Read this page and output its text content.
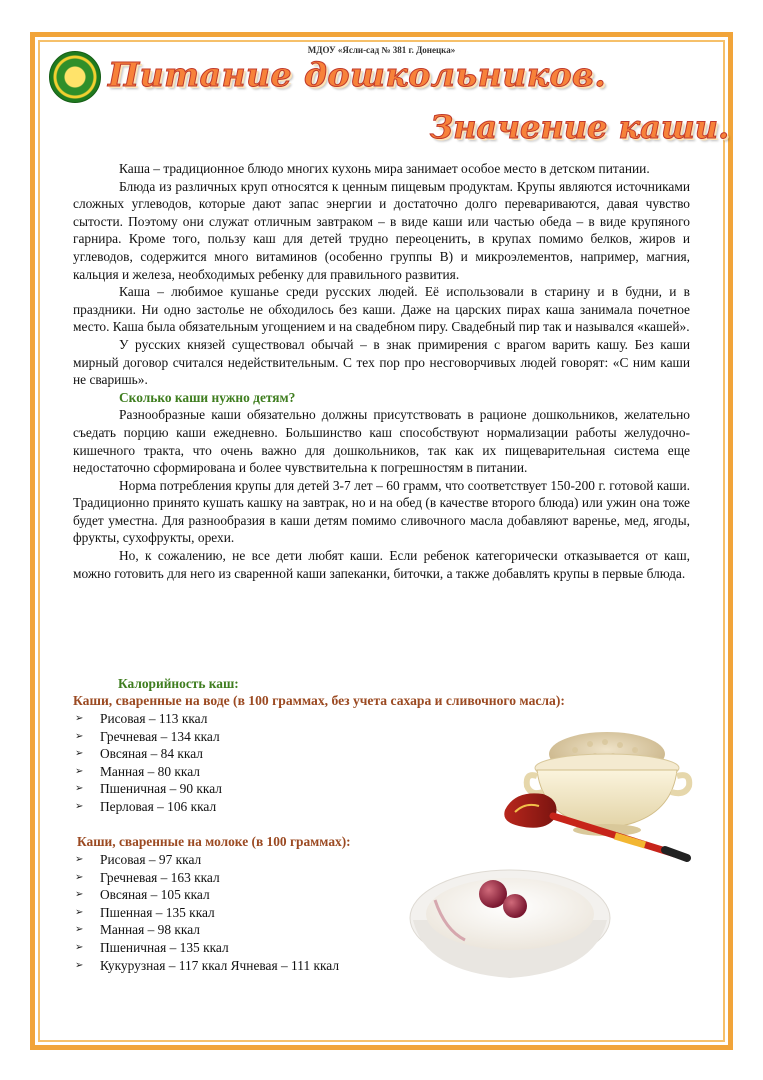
МДОУ «Ясли-сад № 381 г. Донецка»
Питание дошкольников.
Значение каши.

Каша – традиционное блюдо многих кухонь мира занимает особое место в детском питании.

Блюда из различных круп относятся к ценным пищевым продуктам. Крупы являются источниками сложных углеводов, которые дают запас энергии и достаточно долго перевариваются, давая чувство сытости. Поэтому они служат отличным завтраком – в виде каши или частью обеда – в виде крупяного гарнира. Кроме того, пользу каш для детей трудно переоценить, в крупах помимо белков, жиров и углеводов, содержится много витаминов (особенно группы В) и микроэлементов, например, магния, кальция и железа, необходимых ребенку для правильного развития.

Каша – любимое кушанье среди русских людей. Её использовали в старину и в будни, и в праздники. Ни одно застолье не обходилось без каши. Даже на царских пирах каша занимала почетное место. Каша была обязательным угощением и на свадебном пиру. Свадебный пир так и назывался «кашей».

У русских князей существовал обычай – в знак примирения с врагом варить кашу. Без каши мирный договор считался недействительным. С тех пор про несговорчивых людей говорят: «С ним каши не сваришь».

Сколько каши нужно детям?

Разнообразные каши обязательно должны присутствовать в рационе дошкольников, желательно съедать порцию каши ежедневно. Большинство каш способствуют нормализации работы желудочно-кишечного тракта, что очень важно для дошкольников, так как их пищеварительная система еще недостаточно сформирована и более чувствительна к погрешностям в питании.

Норма потребления крупы для детей 3-7 лет – 60 грамм, что соответствует 150-200 г. готовой каши. Традиционно принято кушать кашку на завтрак, но и на обед (в качестве второго блюда) или ужин она тоже будет уместна. Для разнообразия в каши детям помимо сливочного масла добавляют варенье, мед, ягоды, фрукты, сухофрукты, орехи.

Но, к сожалению, не все дети любят каши. Если ребенок категорически отказывается от каш, можно готовить для него из сваренной каши запеканки, биточки, а также добавлять крупы в первые блюда.

Калорийность каш:
Каши, сваренные на воде (в 100 граммах, без учета сахара и сливочного масла):
➢ Рисовая – 113 ккал
➢ Гречневая – 134 ккал
➢ Овсяная – 84 ккал
➢ Манная – 80 ккал
➢ Пшеничная – 90 ккал
➢ Перловая – 106 ккал
Каши, сваренные на молоке (в 100 граммах):
➢ Рисовая – 97 ккал
➢ Гречневая – 163 ккал
➢ Овсяная – 105 ккал
➢ Пшенная – 135 ккал
➢ Манная – 98 ккал
➢ Пшеничная – 135 ккал
➢ Кукурузная – 117 ккал Ячневая – 111 ккал
